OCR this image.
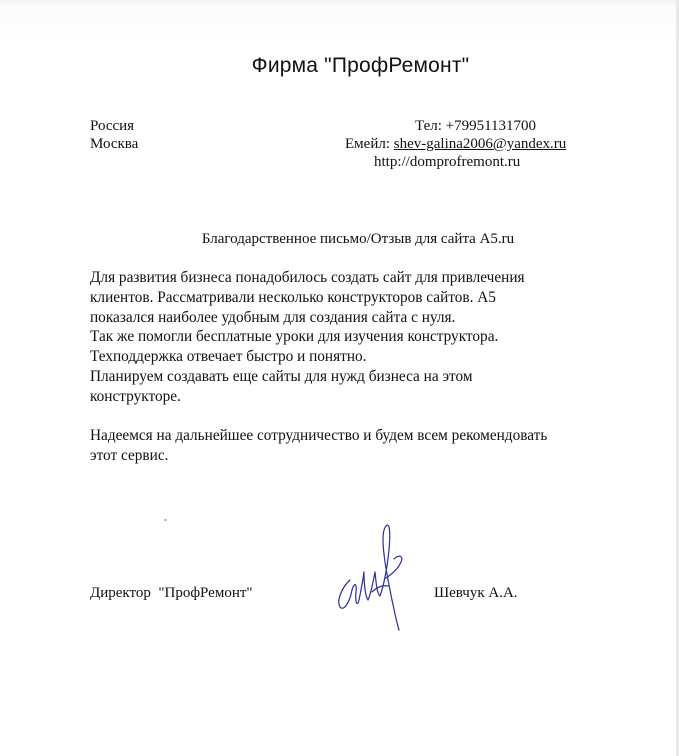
Фирма "ПрофРемонт"
Россия
Москва
Тел: +79951131700
Емейл: shev-galina2006@yandex.ru
http://domprofremont.ru
Благодарственное письмо/Отзыв для сайта A5.ru
Для развития бизнеса понадобилось создать сайт для привлечения
клиентов. Рассматривали несколько конструкторов сайтов. A5
показался наиболее удобным для создания сайта с нуля.
Так же помогли бесплатные уроки для изучения конструктора.
Техподдержка отвечает быстро и понятно.
Планируем создавать еще сайты для нужд бизнеса на этом
конструкторе.
Надеемся на дальнейшее сотрудничество и будем всем рекомендовать
этот сервис.
Директор  "ПрофРемонт"	Шевчук А.А.
